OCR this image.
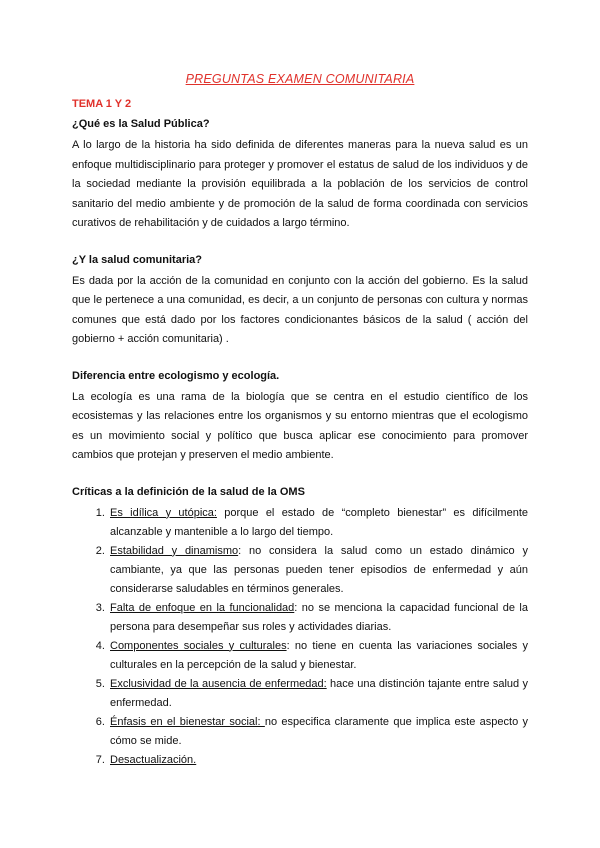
PREGUNTAS EXAMEN COMUNITARIA

TEMA 1 Y 2

¿Qué es la Salud Pública?

A lo largo de la historia ha sido definida de diferentes maneras para la nueva salud es un enfoque multidisciplinario para proteger y promover el estatus de salud de los individuos y de la sociedad mediante la provisión equilibrada a la población de los servicios de control sanitario del medio ambiente y de promoción de la salud de forma coordinada con servicios curativos de rehabilitación y de cuidados a largo término.

¿Y la salud comunitaria?

Es dada por la acción de la comunidad en conjunto con la acción del gobierno. Es la salud que le pertenece a una comunidad, es decir, a un conjunto de personas con cultura y normas comunes que está dado por los factores condicionantes básicos de la salud ( acción del gobierno + acción comunitaria) .

Diferencia entre ecologismo y ecología.

La ecología es una rama de la biología que se centra en el estudio científico de los ecosistemas y las relaciones entre los organismos y su entorno mientras que el ecologismo es un movimiento social y político que busca aplicar ese conocimiento para promover cambios que protejan y preserven el medio ambiente.

Críticas a la definición de la salud de la OMS

1. Es idílica y utópica: porque el estado de “completo bienestar” es difícilmente alcanzable y mantenible a lo largo del tiempo.
2. Estabilidad y dinamismo: no considera la salud como un estado dinámico y cambiante, ya que las personas pueden tener episodios de enfermedad y aún considerarse saludables en términos generales.
3. Falta de enfoque en la funcionalidad: no se menciona la capacidad funcional de la persona para desempeñar sus roles y actividades diarias.
4. Componentes sociales y culturales: no tiene en cuenta las variaciones sociales y culturales en la percepción de la salud y bienestar.
5. Exclusividad de la ausencia de enfermedad: hace una distinción tajante entre salud y enfermedad.
6. Énfasis en el bienestar social: no especifica claramente que implica este aspecto y cómo se mide.
7. Desactualización.
